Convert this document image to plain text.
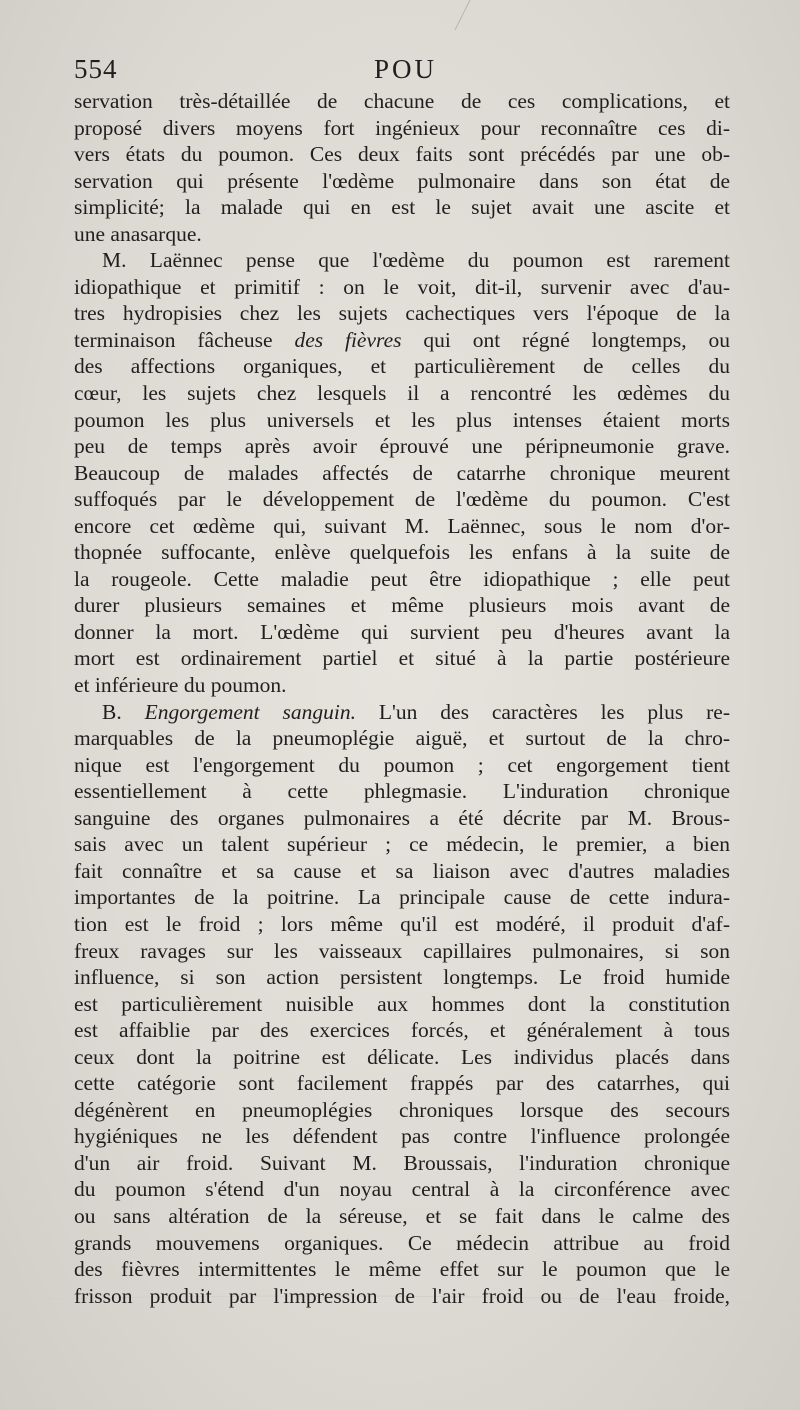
554	POU
servation très-détaillée de chacune de ces complications, et
proposé divers moyens fort ingénieux pour reconnaître ces di-
vers états du poumon. Ces deux faits sont précédés par une ob-
servation qui présente l'œdème pulmonaire dans son état de
simplicité; la malade qui en est le sujet avait une ascite et
une anasarque.
M. Laënnec pense que l'œdème du poumon est rarement
idiopathique et primitif : on le voit, dit-il, survenir avec d'au-
tres hydropisies chez les sujets cachectiques vers l'époque de la
terminaison fâcheuse des fièvres qui ont régné longtemps, ou
des affections organiques, et particulièrement de celles du
cœur, les sujets chez lesquels il a rencontré les œdèmes du
poumon les plus universels et les plus intenses étaient morts
peu de temps après avoir éprouvé une péripneumonie grave.
Beaucoup de malades affectés de catarrhe chronique meurent
suffoqués par le développement de l'œdème du poumon. C'est
encore cet œdème qui, suivant M. Laënnec, sous le nom d'or-
thopnée suffocante, enlève quelquefois les enfans à la suite de
la rougeole. Cette maladie peut être idiopathique ; elle peut
durer plusieurs semaines et même plusieurs mois avant de
donner la mort. L'œdème qui survient peu d'heures avant la
mort est ordinairement partiel et situé à la partie postérieure
et inférieure du poumon.
B. Engorgement sanguin. L'un des caractères les plus re-
marquables de la pneumoplégie aiguë, et surtout de la chro-
nique est l'engorgement du poumon ; cet engorgement tient
essentiellement à cette phlegmasie. L'induration chronique
sanguine des organes pulmonaires a été décrite par M. Brous-
sais avec un talent supérieur ; ce médecin, le premier, a bien
fait connaître et sa cause et sa liaison avec d'autres maladies
importantes de la poitrine. La principale cause de cette indura-
tion est le froid ; lors même qu'il est modéré, il produit d'af-
freux ravages sur les vaisseaux capillaires pulmonaires, si son
influence, si son action persistent longtemps. Le froid humide
est particulièrement nuisible aux hommes dont la constitution
est affaiblie par des exercices forcés, et généralement à tous
ceux dont la poitrine est délicate. Les individus placés dans
cette catégorie sont facilement frappés par des catarrhes, qui
dégénèrent en pneumoplégies chroniques lorsque des secours
hygiéniques ne les défendent pas contre l'influence prolongée
d'un air froid. Suivant M. Broussais, l'induration chronique
du poumon s'étend d'un noyau central à la circonférence avec
ou sans altération de la séreuse, et se fait dans le calme des
grands mouvemens organiques. Ce médecin attribue au froid
des fièvres intermittentes le même effet sur le poumon que le
frisson produit par l'impression de l'air froid ou de l'eau froide,
